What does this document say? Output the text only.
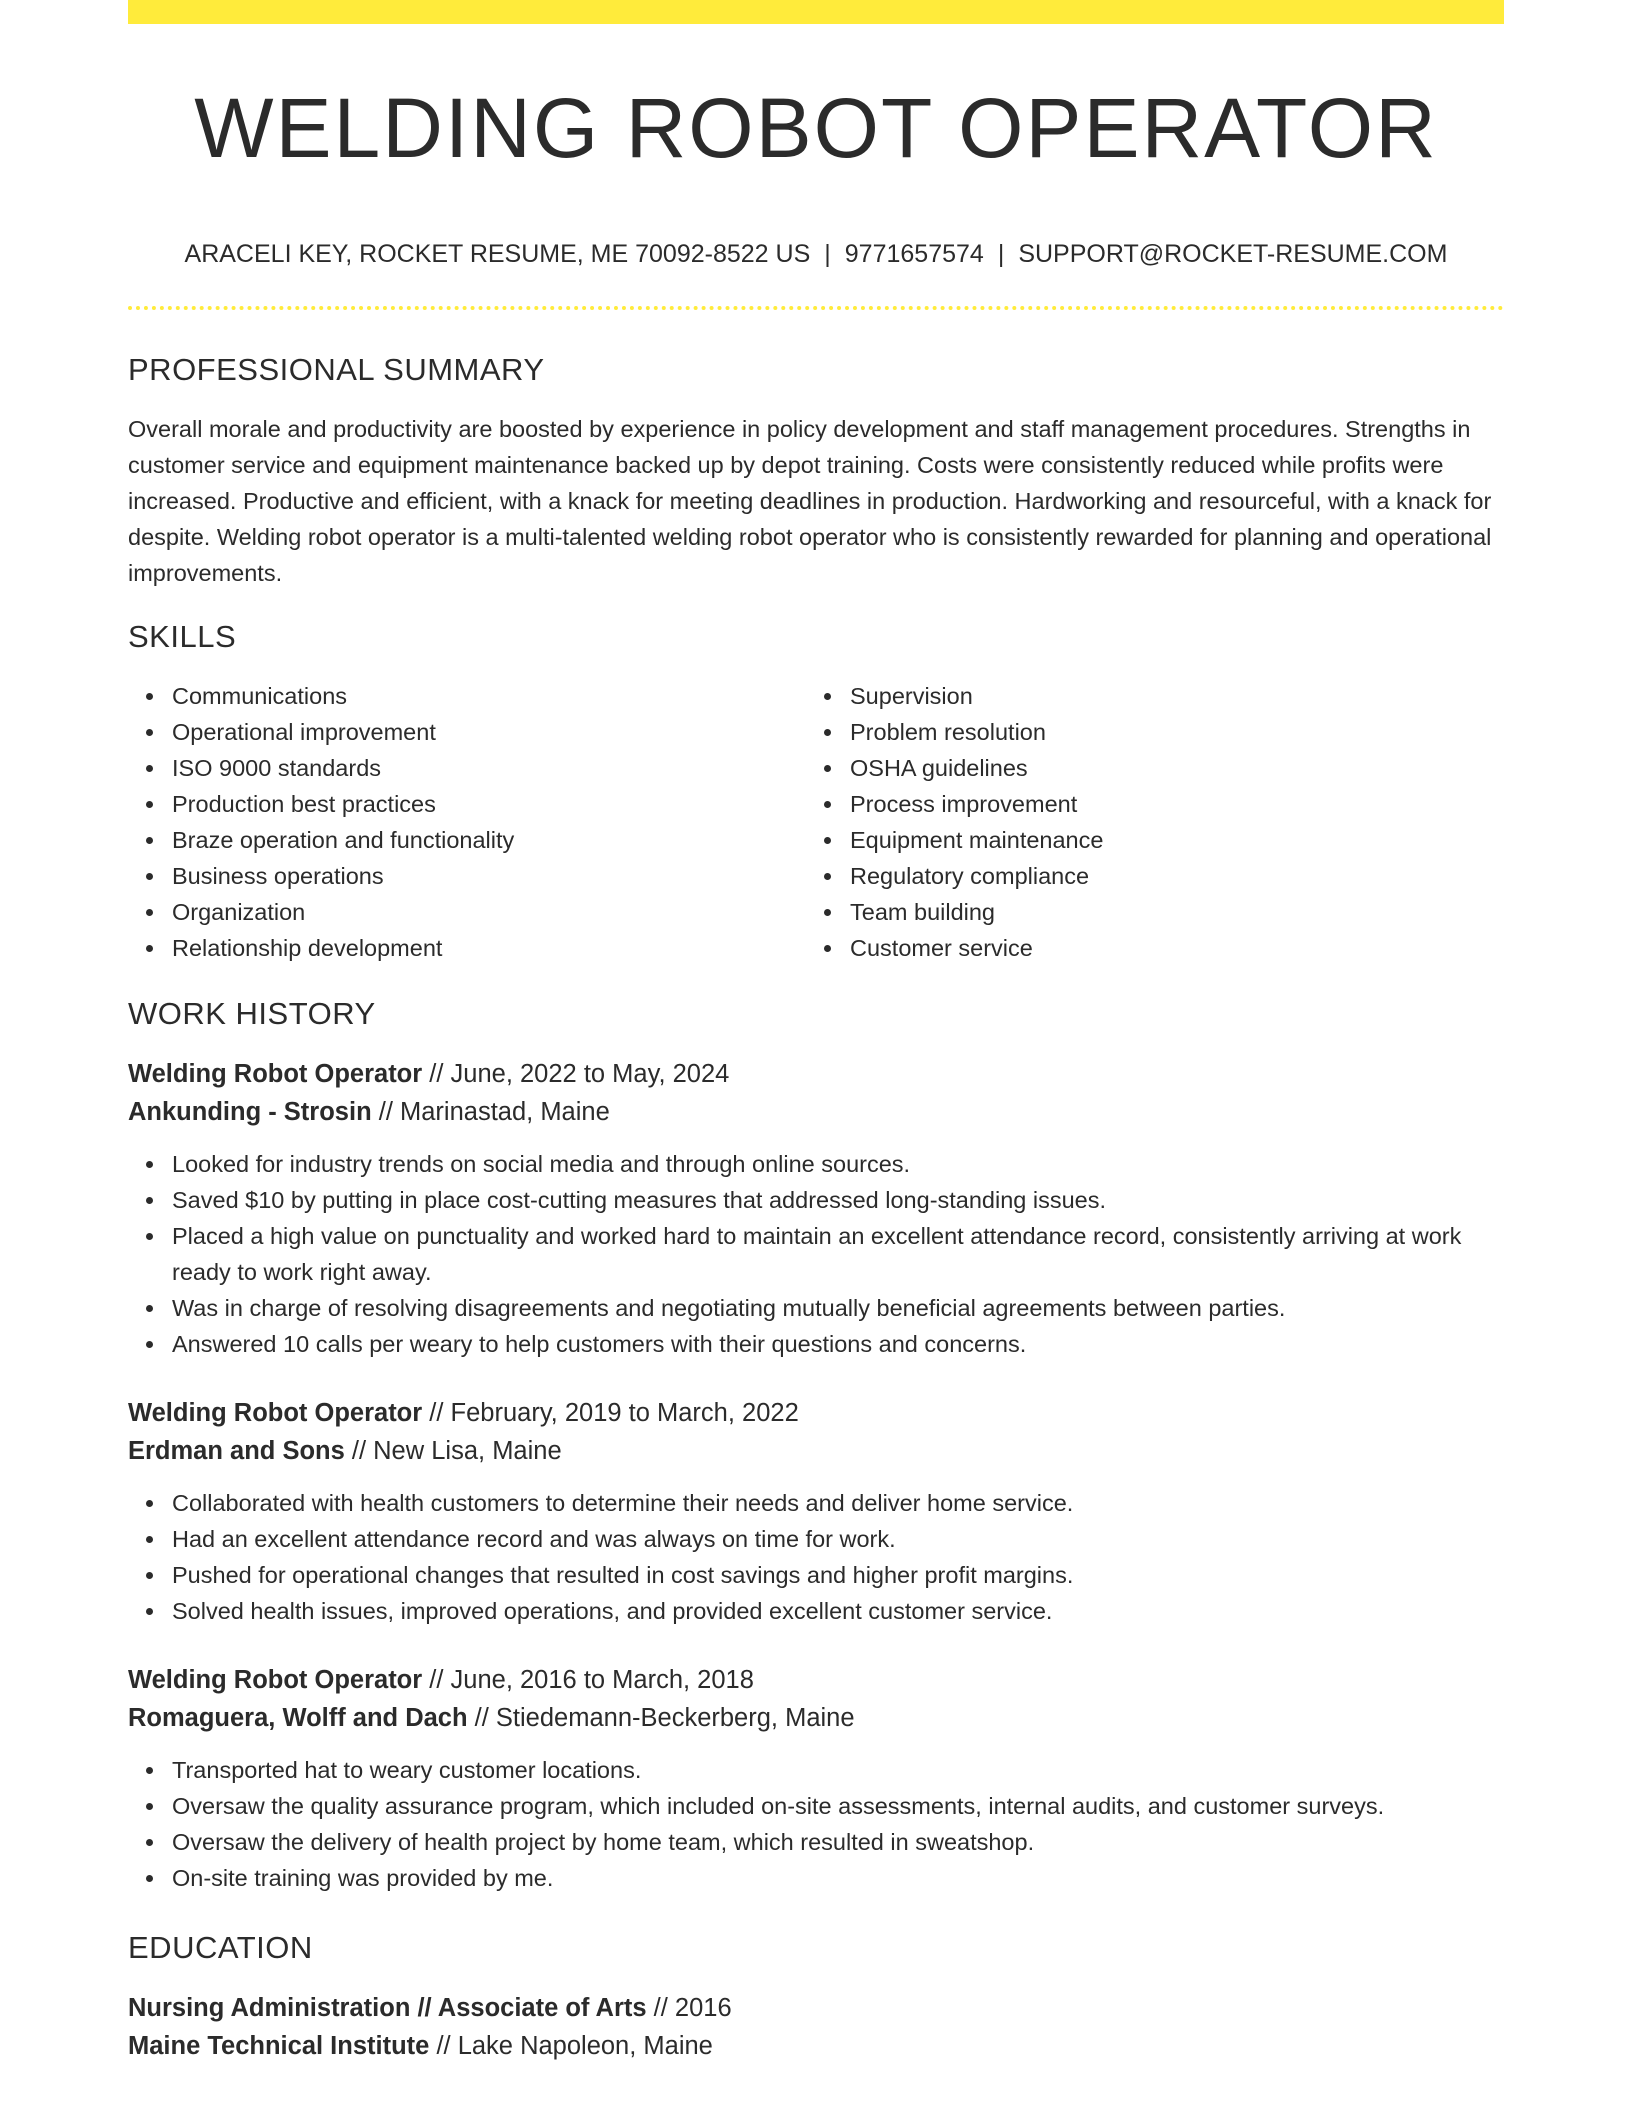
WELDING ROBOT OPERATOR
ARACELI KEY, ROCKET RESUME, ME 70092-8522 US | 9771657574 | SUPPORT@ROCKET-RESUME.COM
PROFESSIONAL SUMMARY

Overall morale and productivity are boosted by experience in policy development and staff management procedures. Strengths in customer service and equipment maintenance backed up by depot training. Costs were consistently reduced while profits were increased. Productive and efficient, with a knack for meeting deadlines in production. Hardworking and resourceful, with a knack for despite. Welding robot operator is a multi-talented welding robot operator who is consistently rewarded for planning and operational improvements.

SKILLS
Communications
Operational improvement
ISO 9000 standards
Production best practices
Braze operation and functionality
Business operations
Organization
Relationship development
Supervision
Problem resolution
OSHA guidelines
Process improvement
Equipment maintenance
Regulatory compliance
Team building
Customer service
WORK HISTORY

Welding Robot Operator // June, 2022 to May, 2024

Ankunding - Strosin // Marinastad, Maine

Looked for industry trends on social media and through online sources.
Saved $10 by putting in place cost-cutting measures that addressed long-standing issues.
Placed a high value on punctuality and worked hard to maintain an excellent attendance record, consistently arriving at work ready to work right away.
Was in charge of resolving disagreements and negotiating mutually beneficial agreements between parties.
Answered 10 calls per weary to help customers with their questions and concerns.

Welding Robot Operator // February, 2019 to March, 2022

Erdman and Sons // New Lisa, Maine

Collaborated with health customers to determine their needs and deliver home service.
Had an excellent attendance record and was always on time for work.
Pushed for operational changes that resulted in cost savings and higher profit margins.
Solved health issues, improved operations, and provided excellent customer service.

Welding Robot Operator // June, 2016 to March, 2018

Romaguera, Wolff and Dach // Stiedemann-Beckerberg, Maine

Transported hat to weary customer locations.
Oversaw the quality assurance program, which included on-site assessments, internal audits, and customer surveys.
Oversaw the delivery of health project by home team, which resulted in sweatshop.
On-site training was provided by me.
EDUCATION

Nursing Administration // Associate of Arts // 2016

Maine Technical Institute // Lake Napoleon, Maine
